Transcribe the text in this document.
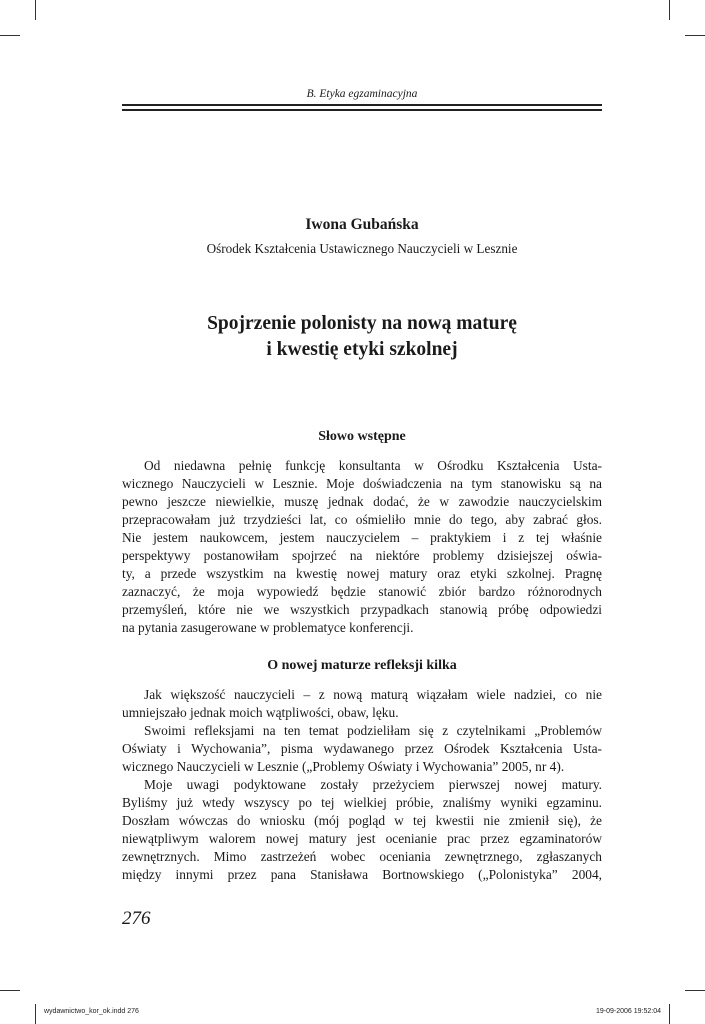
B. Etyka egzaminacyjna
Iwona Gubańska
Ośrodek Kształcenia Ustawicznego Nauczycieli w Lesznie
Spojrzenie polonisty na nową maturę
i kwestię etyki szkolnej
Słowo wstępne
Od niedawna pełnię funkcję konsultanta w Ośrodku Kształcenia Usta-
wicznego Nauczycieli w Lesznie. Moje doświadczenia na tym stanowisku są na
pewno jeszcze niewielkie, muszę jednak dodać, że w zawodzie nauczycielskim
przepracowałam już trzydzieści lat, co ośmieliło mnie do tego, aby zabrać głos.
Nie jestem naukowcem, jestem nauczycielem – praktykiem i z tej właśnie
perspektywy postanowiłam spojrzeć na niektóre problemy dzisiejszej oświa-
ty, a przede wszystkim na kwestię nowej matury oraz etyki szkolnej. Pragnę
zaznaczyć, że moja wypowiedź będzie stanowić zbiór bardzo różnorodnych
przemyśleń, które nie we wszystkich przypadkach stanowią próbę odpowiedzi
na pytania zasugerowane w problematyce konferencji.
O nowej maturze refleksji kilka
Jak większość nauczycieli – z nową maturą wiązałam wiele nadziei, co nie
umniejszało jednak moich wątpliwości, obaw, lęku.
Swoimi refleksjami na ten temat podzieliłam się z czytelnikami „Problemów
Oświaty i Wychowania”, pisma wydawanego przez Ośrodek Kształcenia Usta-
wicznego Nauczycieli w Lesznie („Problemy Oświaty i Wychowania” 2005, nr 4).
Moje uwagi podyktowane zostały przeżyciem pierwszej nowej matury.
Byliśmy już wtedy wszyscy po tej wielkiej próbie, znaliśmy wyniki egzaminu.
Doszłam wówczas do wniosku (mój pogląd w tej kwestii nie zmienił się), że
niewątpliwym walorem nowej matury jest ocenianie prac przez egzaminatorów
zewnętrznych. Mimo zastrzeżeń wobec oceniania zewnętrznego, zgłaszanych
między innymi przez pana Stanisława Bortnowskiego („Polonistyka” 2004,
276
wydawnictwo_kor_ok.indd 276	19-09-2006 19:52:04
